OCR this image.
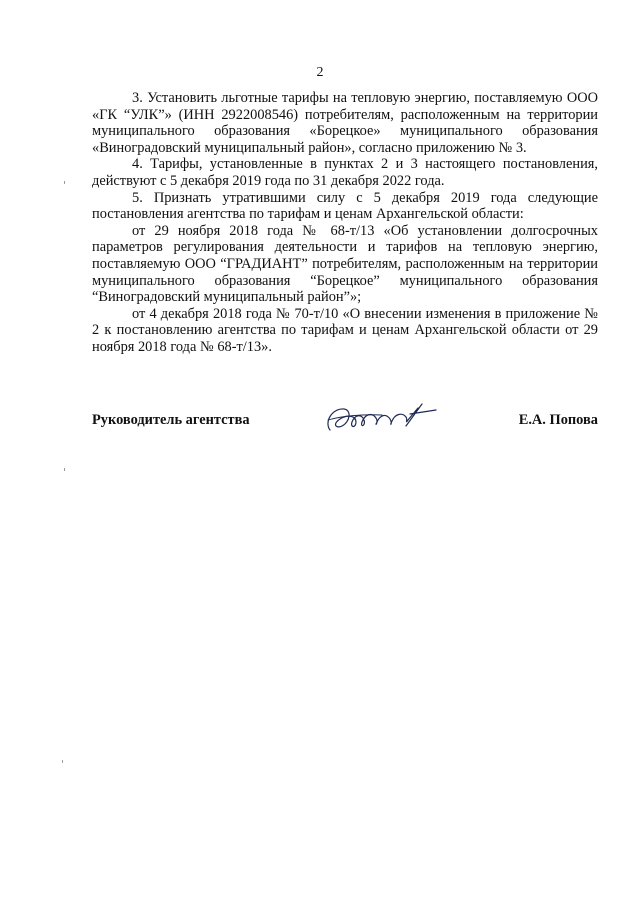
2

3. Установить льготные тарифы на тепловую энергию, поставляемую ООО «ГК “УЛК”» (ИНН 2922008546) потребителям, расположенным на территории муниципального образования «Борецкое» муниципального образования «Виноградовский муниципальный район», согласно приложению № 3.

4. Тарифы, установленные в пунктах 2 и 3 настоящего постановления, действуют с 5 декабря 2019 года по 31 декабря 2022 года.

5. Признать утратившими силу с 5 декабря 2019 года следующие постановления агентства по тарифам и ценам Архангельской области:

от 29 ноября 2018 года № 68-т/13 «Об установлении долгосрочных параметров регулирования деятельности и тарифов на тепловую энергию, поставляемую ООО “ГРАДИАНТ” потребителям, расположенным на территории муниципального образования “Борецкое” муниципального образования “Виноградовский муниципальный район”»;

от 4 декабря 2018 года № 70-т/10 «О внесении изменения в приложение № 2 к постановлению агентства по тарифам и ценам Архангельской области от 29 ноября 2018 года № 68-т/13».

Руководитель агентства	Е.А. Попова
